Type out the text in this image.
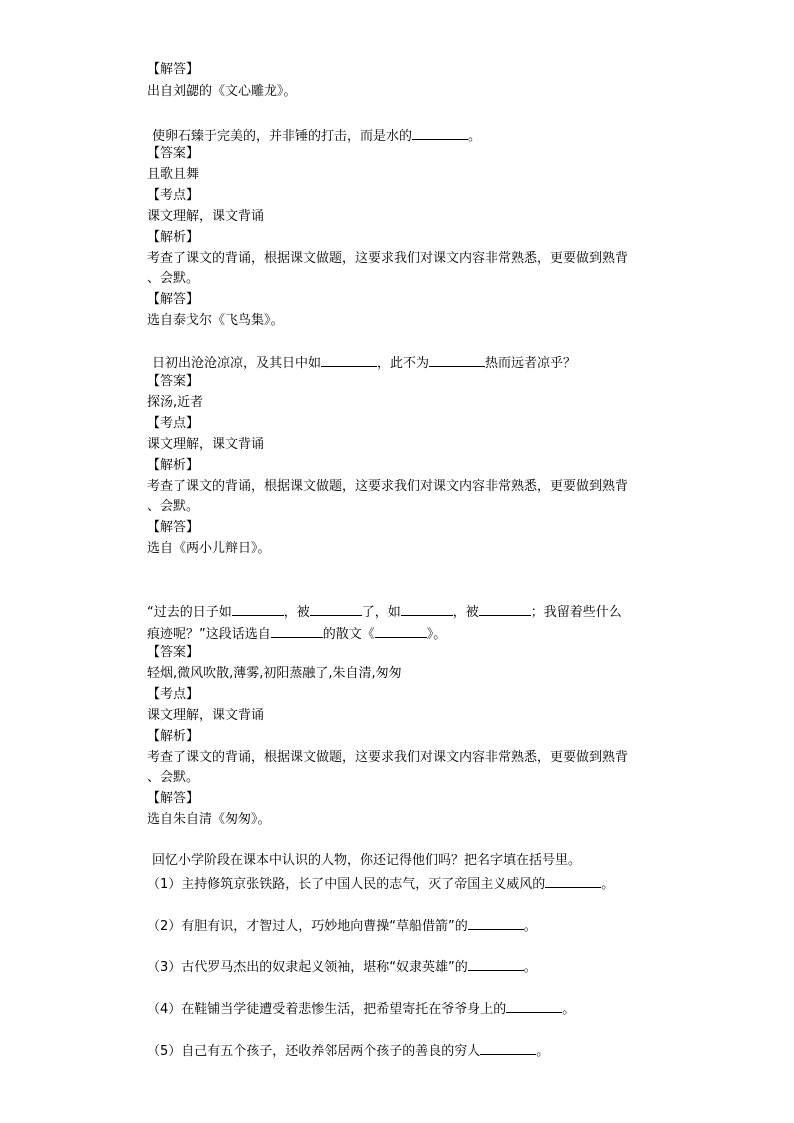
【解答】
出自刘勰的《文心雕龙》。
使卵石臻于完美的，并非锤的打击，而是水的	。
【答案】
且歌且舞
【考点】
课文理解，课文背诵
【解析】
考查了课文的背诵，根据课文做题，这要求我们对课文内容非常熟悉，更要做到熟背
、会默。
【解答】
选自泰戈尔《飞鸟集》。
日初出沧沧凉凉，及其日中如	，此不为	热而远者凉乎？
【答案】
探汤,近者
【考点】
课文理解，课文背诵
【解析】
考查了课文的背诵，根据课文做题，这要求我们对课文内容非常熟悉，更要做到熟背
、会默。
【解答】
选自《两小儿辩日》。
“过去的日子如	，被	了，如	，被	；我留着些什么
痕迹呢？”这段话选自	的散文《	》。
【答案】
轻烟,微风吹散,薄雾,初阳蒸融了,朱自清,匆匆
【考点】
课文理解，课文背诵
【解析】
考查了课文的背诵，根据课文做题，这要求我们对课文内容非常熟悉，更要做到熟背
、会默。
【解答】
选自朱自清《匆匆》。
回忆小学阶段在课本中认识的人物，你还记得他们吗？把名字填在括号里。
（1）主持修筑京张铁路，长了中国人民的志气，灭了帝国主义威风的	。
（2）有胆有识，才智过人，巧妙地向曹操“草船借箭”的	。
（3）古代罗马杰出的奴隶起义领袖，堪称“奴隶英雄”的	。
（4）在鞋铺当学徒遭受着悲惨生活，把希望寄托在爷爷身上的	。
（5）自己有五个孩子，还收养邻居两个孩子的善良的穷人	。
